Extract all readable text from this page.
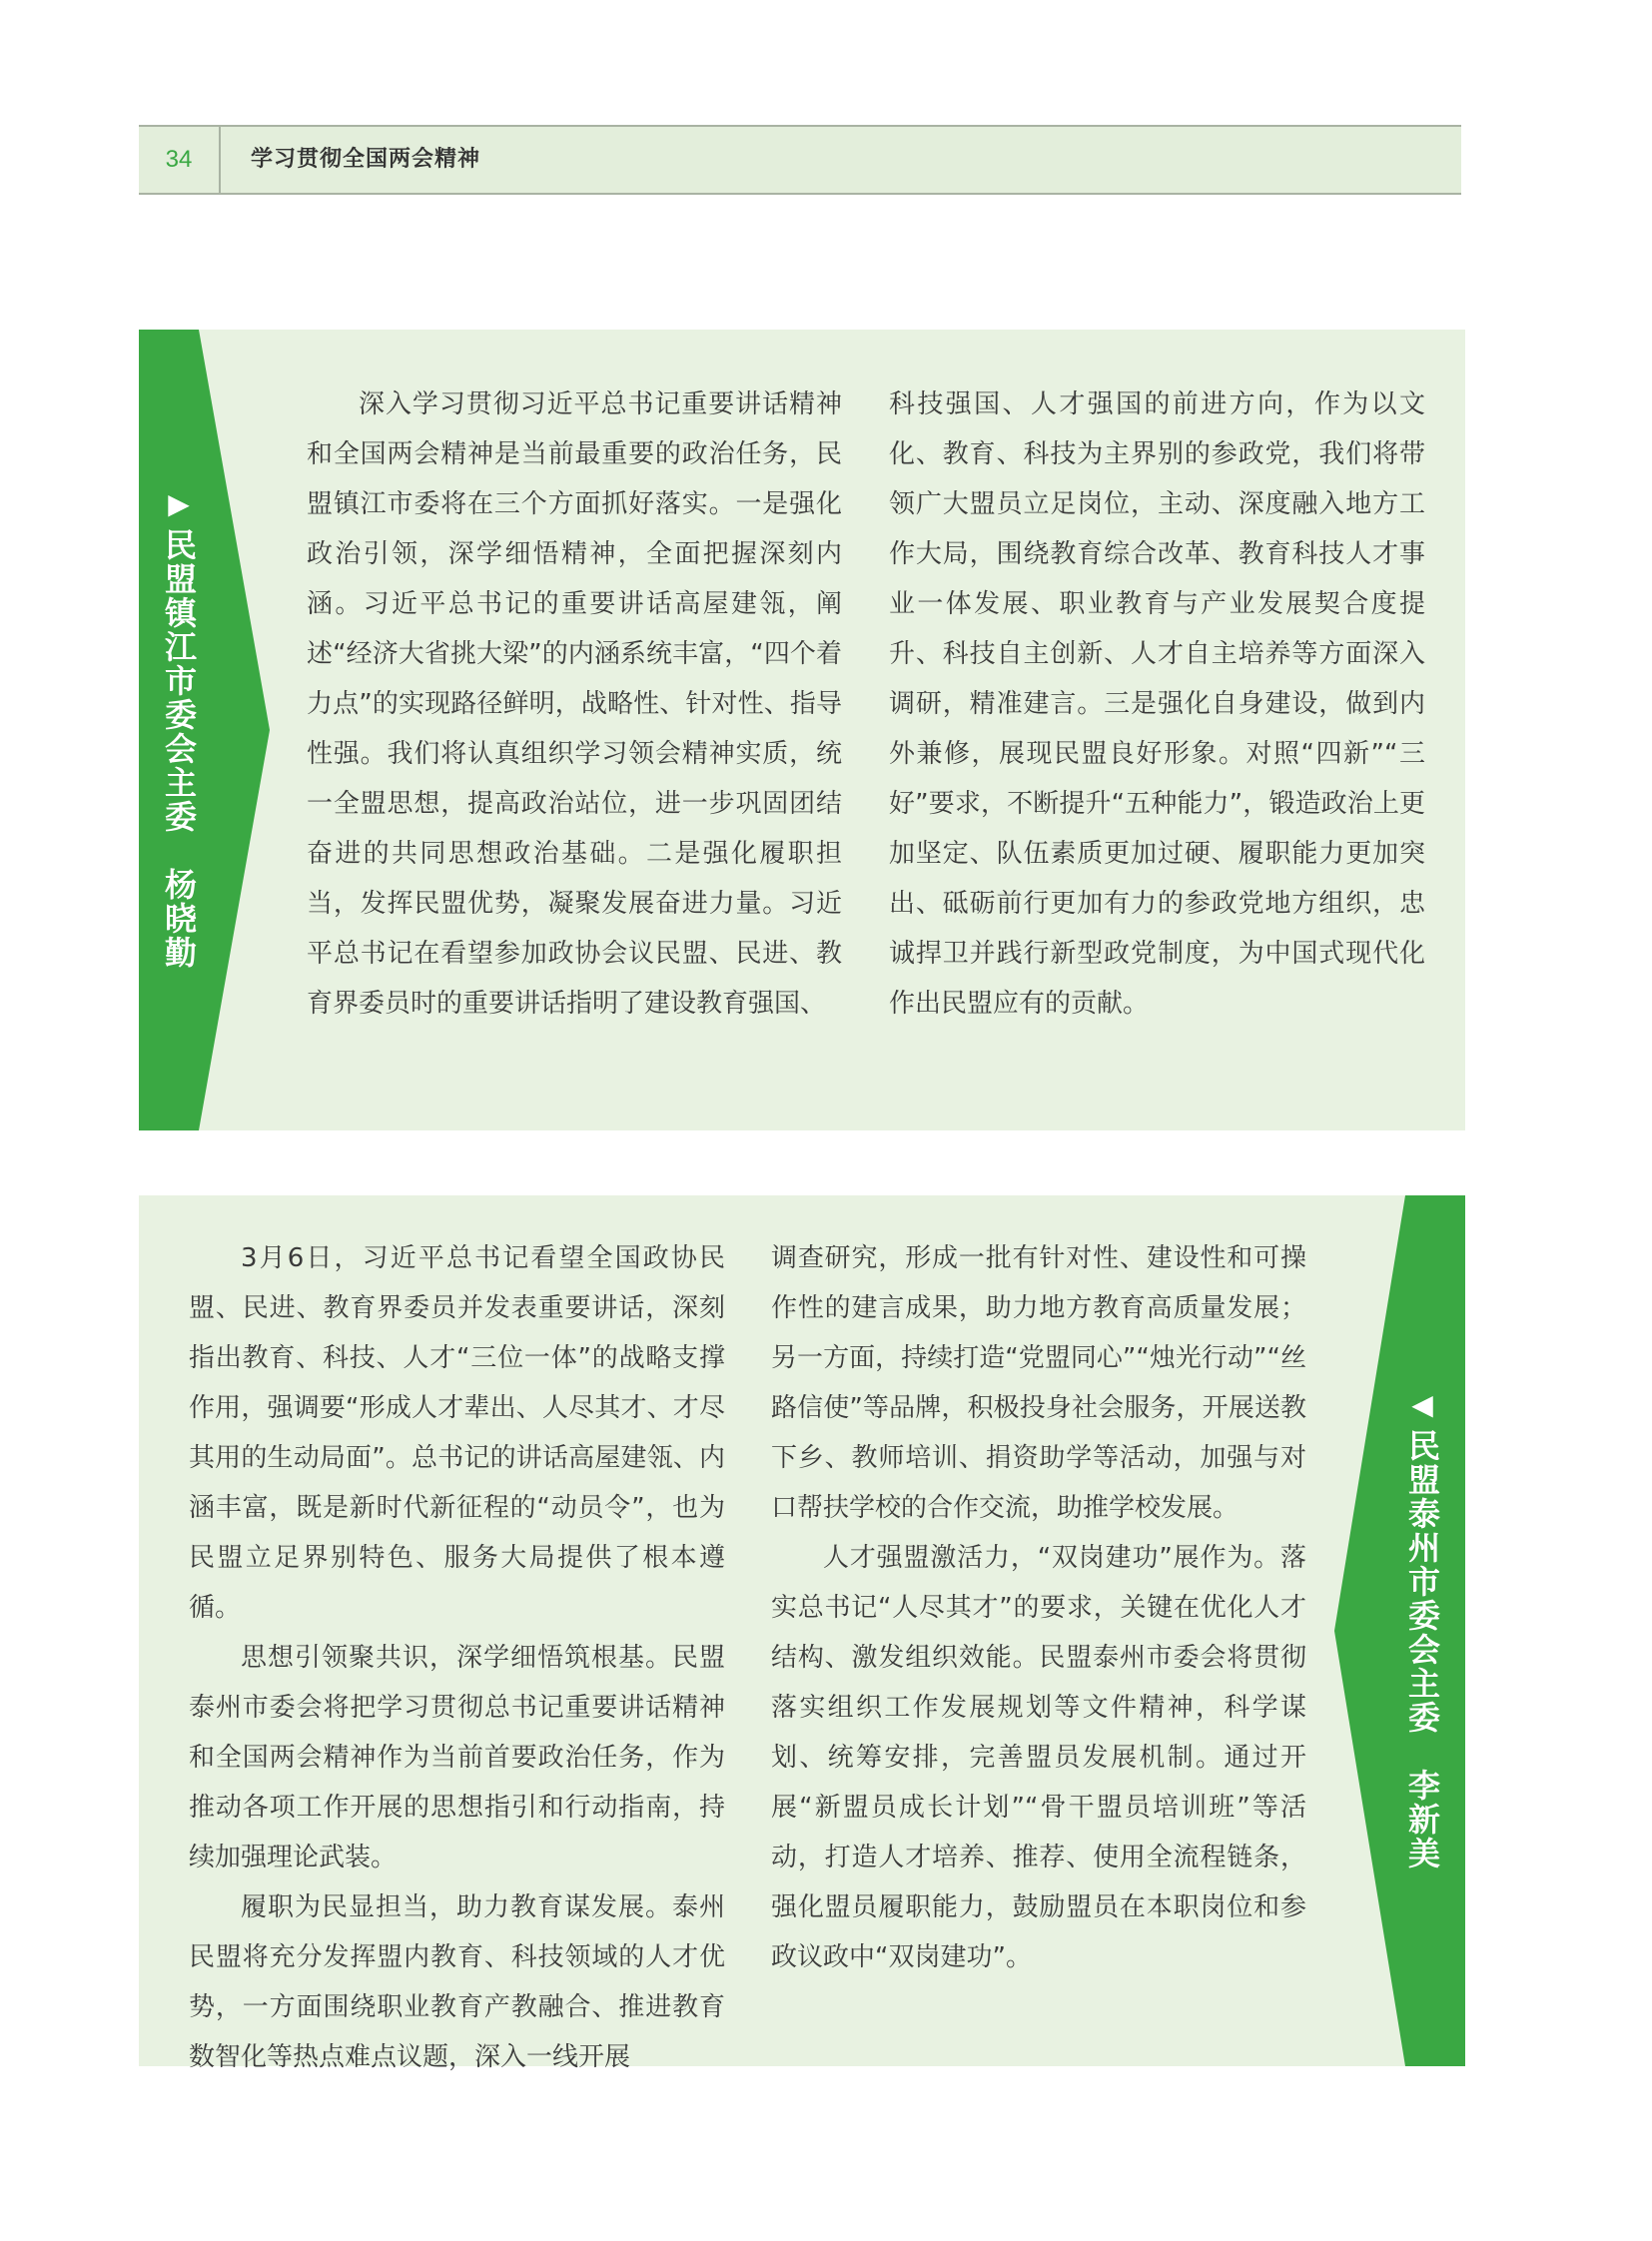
34	学习贯彻全国两会精神
▶
民盟镇江市委会主委　杨晓勤

深入学习贯彻习近平总书记重要讲话精神和全国两会精神是当前最重要的政治任务，民盟镇江市委将在三个方面抓好落实。一是强化政治引领，深学细悟精神，全面把握深刻内涵。习近平总书记的重要讲话高屋建瓴，阐述“经济大省挑大梁”的内涵系统丰富，“四个着力点”的实现路径鲜明，战略性、针对性、指导性强。我们将认真组织学习领会精神实质，统一全盟思想，提高政治站位，进一步巩固团结奋进的共同思想政治基础。二是强化履职担当，发挥民盟优势，凝聚发展奋进力量。习近平总书记在看望参加政协会议民盟、民进、教育界委员时的重要讲话指明了建设教育强国、

科技强国、人才强国的前进方向，作为以文化、教育、科技为主界别的参政党，我们将带领广大盟员立足岗位，主动、深度融入地方工作大局，围绕教育综合改革、教育科技人才事业一体发展、职业教育与产业发展契合度提升、科技自主创新、人才自主培养等方面深入调研，精准建言。三是强化自身建设，做到内外兼修，展现民盟良好形象。对照“四新”“三好”要求，不断提升“五种能力”，锻造政治上更加坚定、队伍素质更加过硬、履职能力更加突出、砥砺前行更加有力的参政党地方组织，忠诚捍卫并践行新型政党制度，为中国式现代化作出民盟应有的贡献。

◀
民盟泰州市委会主委　李新美

3月6日，习近平总书记看望全国政协民盟、民进、教育界委员并发表重要讲话，深刻指出教育、科技、人才“三位一体”的战略支撑作用，强调要“形成人才辈出、人尽其才、才尽其用的生动局面”。总书记的讲话高屋建瓴、内涵丰富，既是新时代新征程的“动员令”，也为民盟立足界别特色、服务大局提供了根本遵循。

思想引领聚共识，深学细悟筑根基。民盟泰州市委会将把学习贯彻总书记重要讲话精神和全国两会精神作为当前首要政治任务，作为推动各项工作开展的思想指引和行动指南，持续加强理论武装。

履职为民显担当，助力教育谋发展。泰州民盟将充分发挥盟内教育、科技领域的人才优势，一方面围绕职业教育产教融合、推进教育数智化等热点难点议题，深入一线开展

调查研究，形成一批有针对性、建设性和可操作性的建言成果，助力地方教育高质量发展；另一方面，持续打造“党盟同心”“烛光行动”“丝路信使”等品牌，积极投身社会服务，开展送教下乡、教师培训、捐资助学等活动，加强与对口帮扶学校的合作交流，助推学校发展。

人才强盟激活力，“双岗建功”展作为。落实总书记“人尽其才”的要求，关键在优化人才结构、激发组织效能。民盟泰州市委会将贯彻落实组织工作发展规划等文件精神，科学谋划、统筹安排，完善盟员发展机制。通过开展“新盟员成长计划”“骨干盟员培训班”等活动，打造人才培养、推荐、使用全流程链条，强化盟员履职能力，鼓励盟员在本职岗位和参政议政中“双岗建功”。
